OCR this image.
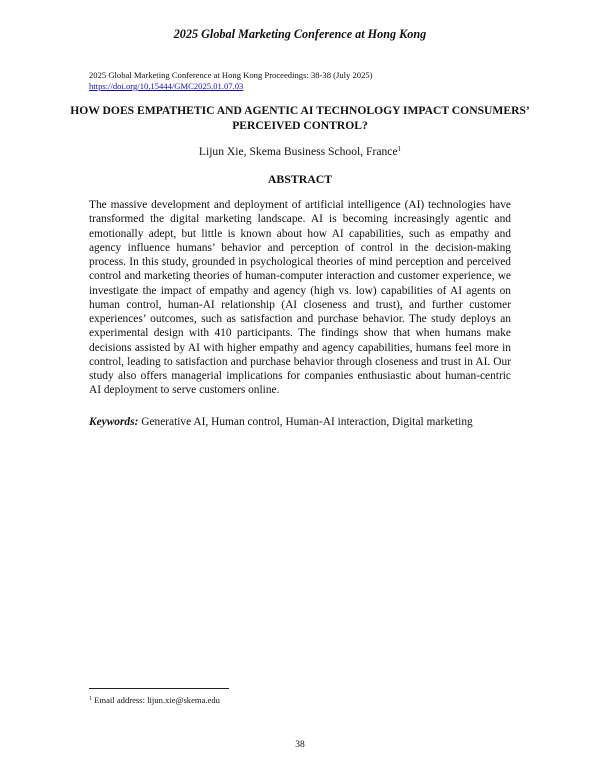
2025 Global Marketing Conference at Hong Kong
2025 Global Marketing Conference at Hong Kong Proceedings: 38-38 (July 2025)
https://doi.org/10.15444/GMC2025.01.07.03
HOW DOES EMPATHETIC AND AGENTIC AI TECHNOLOGY IMPACT CONSUMERS’ PERCEIVED CONTROL?
Lijun Xie, Skema Business School, France$^1$
ABSTRACT

The massive development and deployment of artificial intelligence (AI) technologies have transformed the digital marketing landscape. AI is becoming increasingly agentic and emotionally adept, but little is known about how AI capabilities, such as empathy and agency influence humans’ behavior and perception of control in the decision-making process. In this study, grounded in psychological theories of mind perception and perceived control and marketing theories of human-computer interaction and customer experience, we investigate the impact of empathy and agency (high vs. low) capabilities of AI agents on human control, human-AI relationship (AI closeness and trust), and further customer experiences’ outcomes, such as satisfaction and purchase behavior. The study deploys an experimental design with 410 participants. The findings show that when humans make decisions assisted by AI with higher empathy and agency capabilities, humans feel more in control, leading to satisfaction and purchase behavior through closeness and trust in AI. Our study also offers managerial implications for companies enthusiastic about human-centric AI deployment to serve customers online.

Keywords: Generative AI, Human control, Human-AI interaction, Digital marketing
$^1$ Email address: lijun.xie@skema.edu
38
